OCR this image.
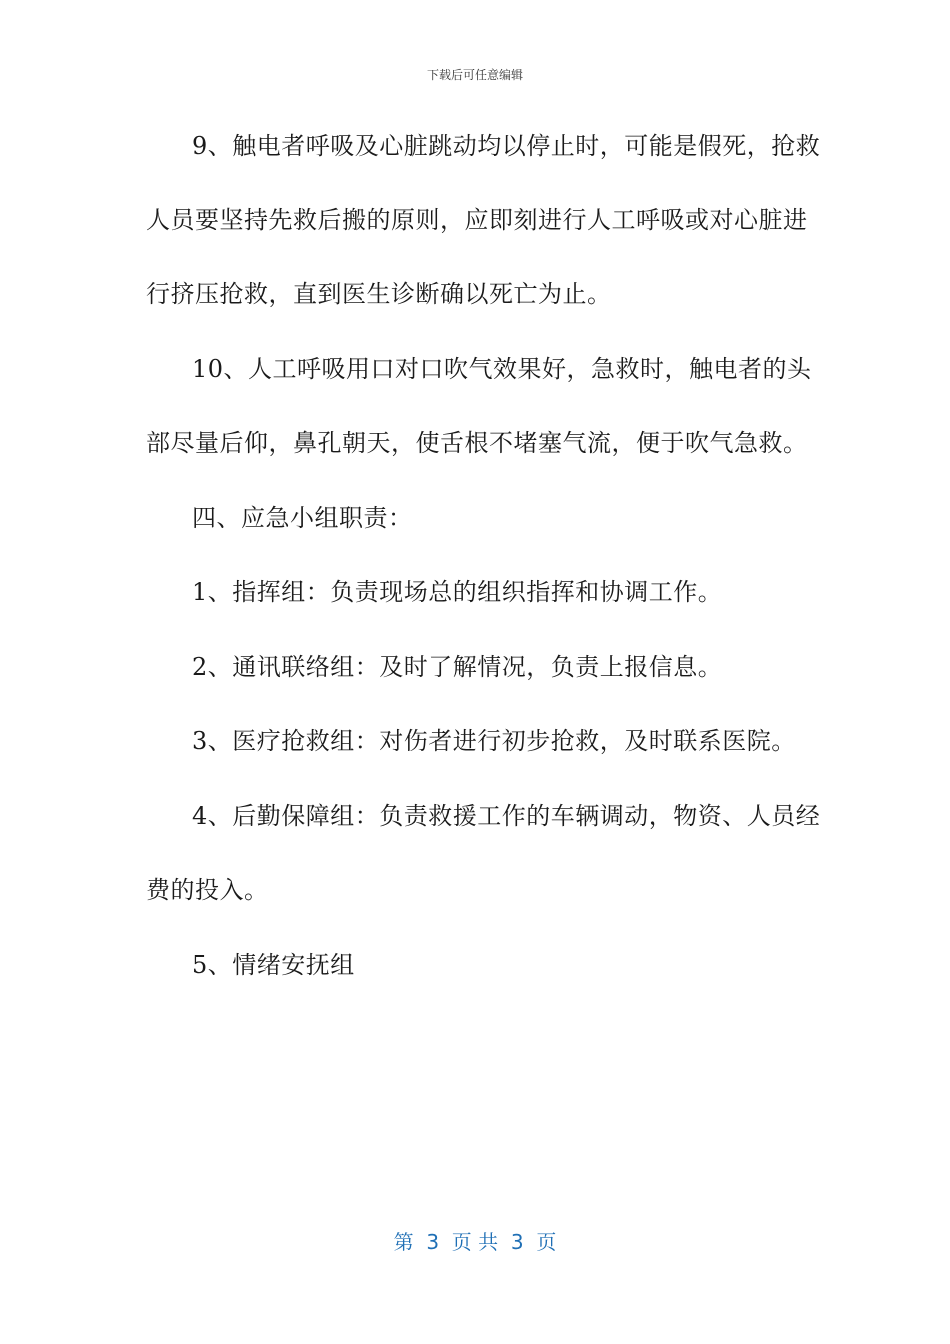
下载后可任意编辑
9、触电者呼吸及心脏跳动均以停止时，可能是假死，抢救
人员要坚持先救后搬的原则，应即刻进行人工呼吸或对心脏进
行挤压抢救，直到医生诊断确以死亡为止。
10、人工呼吸用口对口吹气效果好，急救时，触电者的头
部尽量后仰，鼻孔朝天，使舌根不堵塞气流，便于吹气急救。
四、应急小组职责：
1、指挥组：负责现场总的组织指挥和协调工作。
2、通讯联络组：及时了解情况，负责上报信息。
3、医疗抢救组：对伤者进行初步抢救，及时联系医院。
4、后勤保障组：负责救援工作的车辆调动，物资、人员经
费的投入。
5、情绪安抚组
第  3  页 共  3  页
